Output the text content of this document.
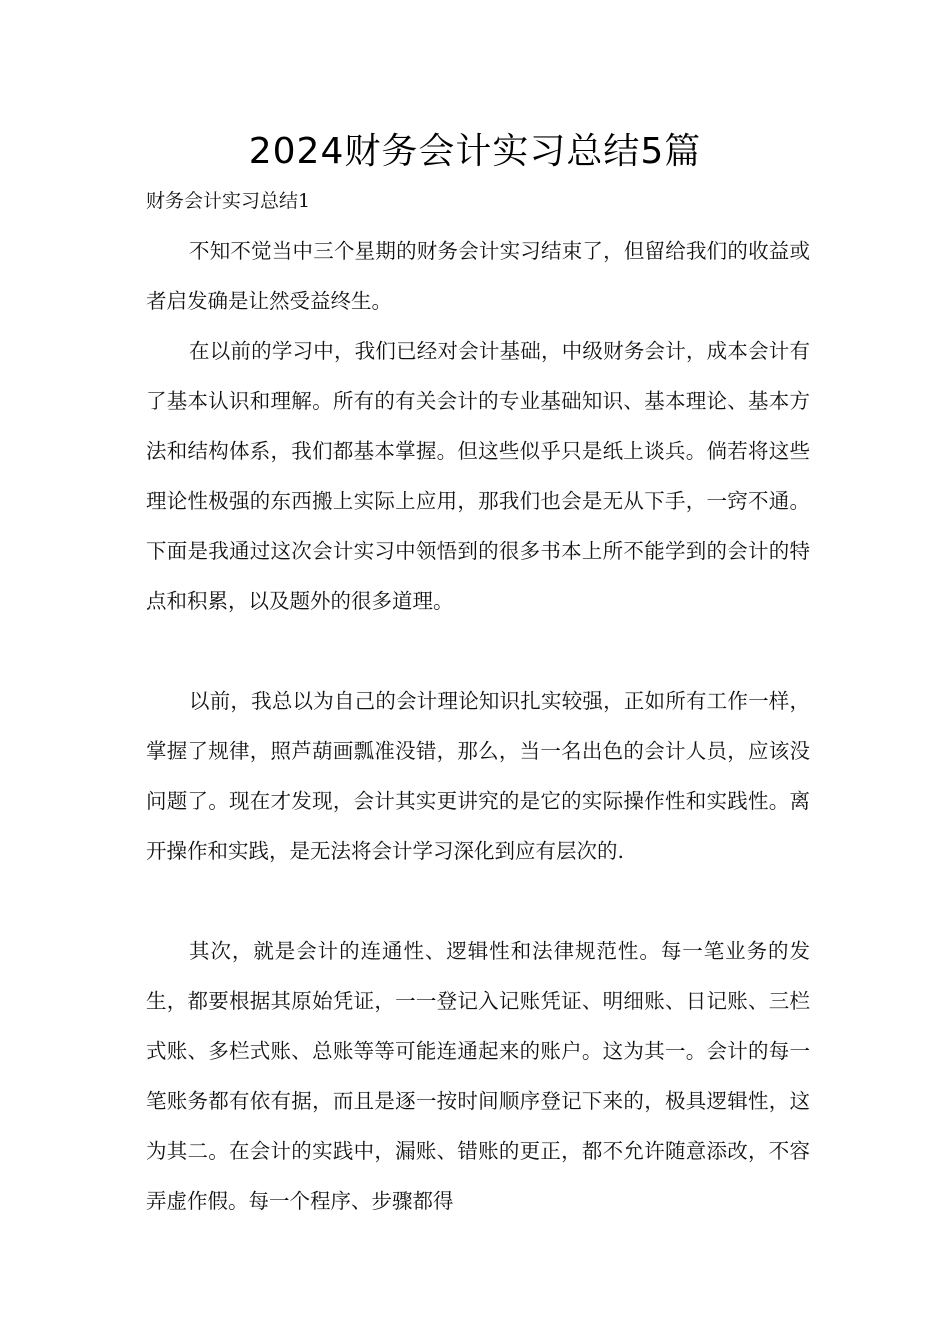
2024财务会计实习总结5篇
财务会计实习总结1

不知不觉当中三个星期的财务会计实习结束了，但留给我们的收益或者启发确是让然受益终生。

在以前的学习中，我们已经对会计基础，中级财务会计，成本会计有了基本认识和理解。所有的有关会计的专业基础知识、基本理论、基本方法和结构体系，我们都基本掌握。但这些似乎只是纸上谈兵。倘若将这些理论性极强的东西搬上实际上应用，那我们也会是无从下手，一窍不通。下面是我通过这次会计实习中领悟到的很多书本上所不能学到的会计的特点和积累，以及题外的很多道理。

以前，我总以为自己的会计理论知识扎实较强，正如所有工作一样，掌握了规律，照芦葫画瓢准没错，那么，当一名出色的会计人员，应该没问题了。现在才发现，会计其实更讲究的是它的实际操作性和实践性。离开操作和实践，是无法将会计学习深化到应有层次的.

其次，就是会计的连通性、逻辑性和法律规范性。每一笔业务的发生，都要根据其原始凭证，一一登记入记账凭证、明细账、日记账、三栏式账、多栏式账、总账等等可能连通起来的账户。这为其一。会计的每一笔账务都有依有据，而且是逐一按时间顺序登记下来的，极具逻辑性，这为其二。在会计的实践中，漏账、错账的更正，都不允许随意添改，不容弄虚作假。每一个程序、步骤都得
